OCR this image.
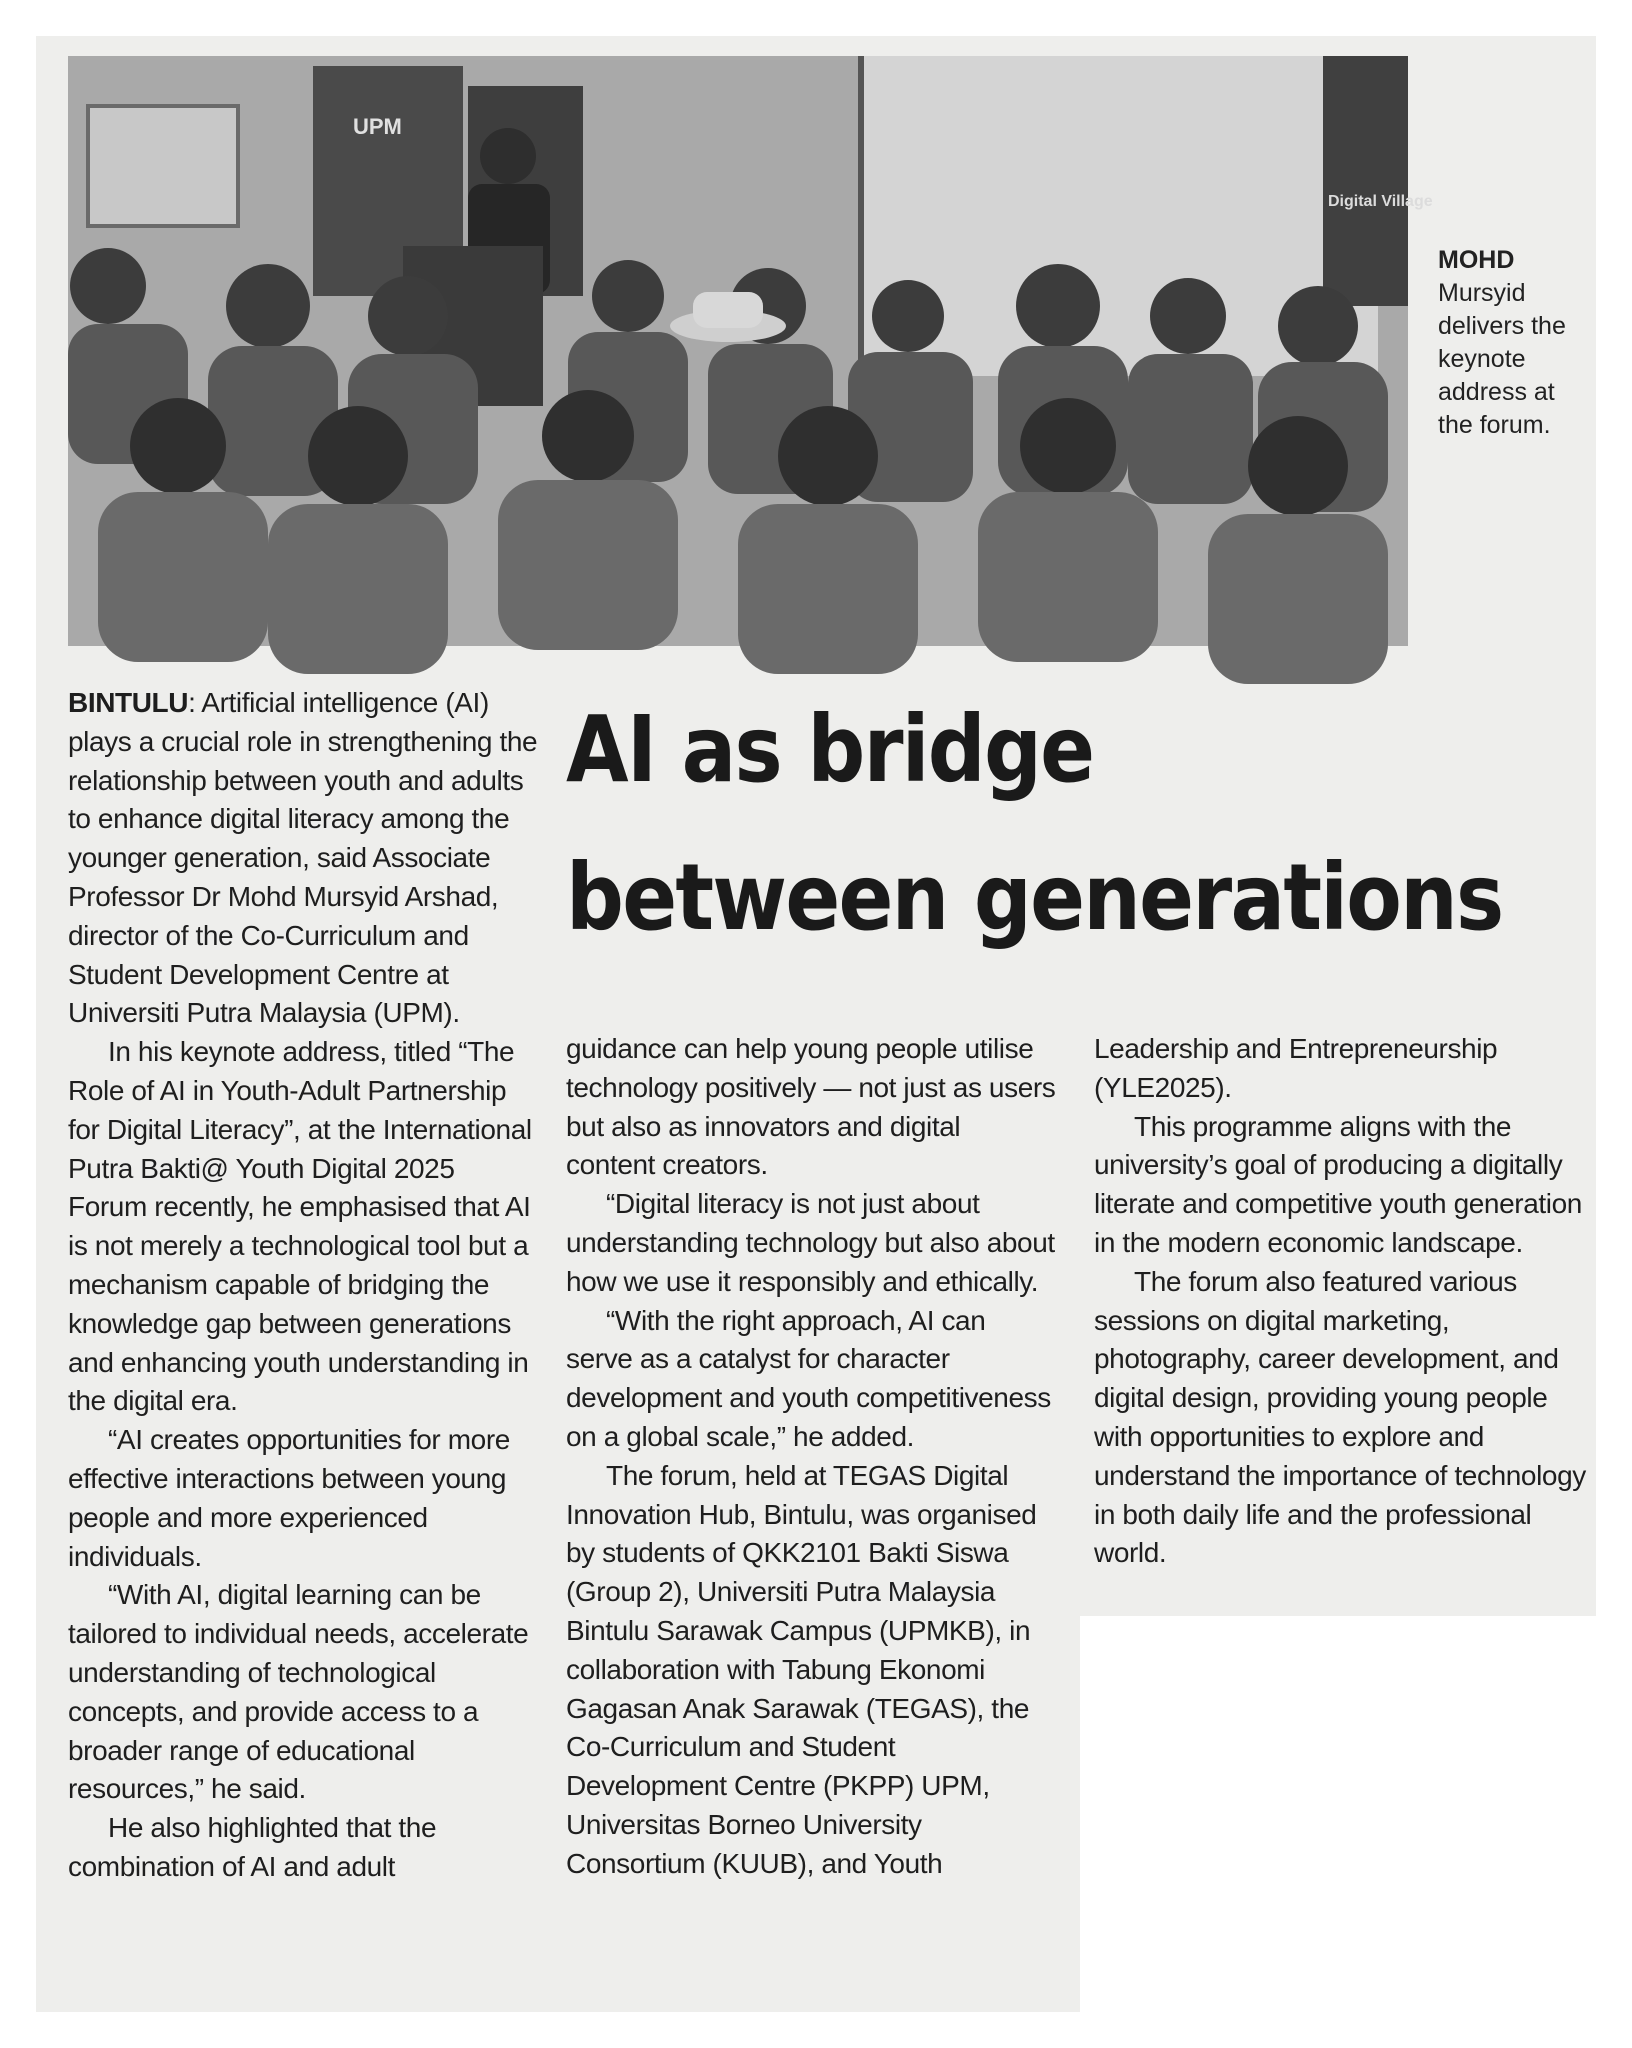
UPM
Digital Village
MOHD
Mursyid delivers the keynote address at the forum.
AI as bridge
between generations

BINTULU: Artificial intelligence (AI) plays a crucial role in strengthening the relationship between youth and adults to enhance digital literacy among the younger generation, said Associate Professor Dr Mohd Mursyid Arshad, director of the Co-Curriculum and Student Development Centre at Universiti Putra Malaysia (UPM).

In his keynote address, titled “The Role of AI in Youth-Adult Partnership for Digital Literacy”, at the International Putra Bakti@ Youth Digital 2025 Forum recently, he emphasised that AI is not merely a technological tool but a mechanism capable of bridging the knowledge gap between generations and enhancing youth understanding in the digital era.

“AI creates opportunities for more effective interactions between young people and more experienced individuals.

“With AI, digital learning can be tailored to individual needs, accelerate understanding of technological concepts, and provide access to a broader range of educational resources,” he said.

He also highlighted that the combination of AI and adult

guidance can help young people utilise technology positively — not just as users but also as innovators and digital content creators.

“Digital literacy is not just about understanding technology but also about how we use it responsibly and ethically.

“With the right approach, AI can serve as a catalyst for character development and youth competitiveness on a global scale,” he added.

The forum, held at TEGAS Digital Innovation Hub, Bintulu, was organised by students of QKK2101 Bakti Siswa (Group 2), Universiti Putra Malaysia Bintulu Sarawak Campus (UPMKB), in collaboration with Tabung Ekonomi Gagasan Anak Sarawak (TEGAS), the Co-Curriculum and Student Development Centre (PKPP) UPM, Universitas Borneo University Consortium (KUUB), and Youth

Leadership and Entrepreneurship (YLE2025).

This programme aligns with the university’s goal of producing a digitally literate and competitive youth generation in the modern economic landscape.

The forum also featured various sessions on digital marketing, photography, career development, and digital design, providing young people with opportunities to explore and understand the importance of technology in both daily life and the professional world.
